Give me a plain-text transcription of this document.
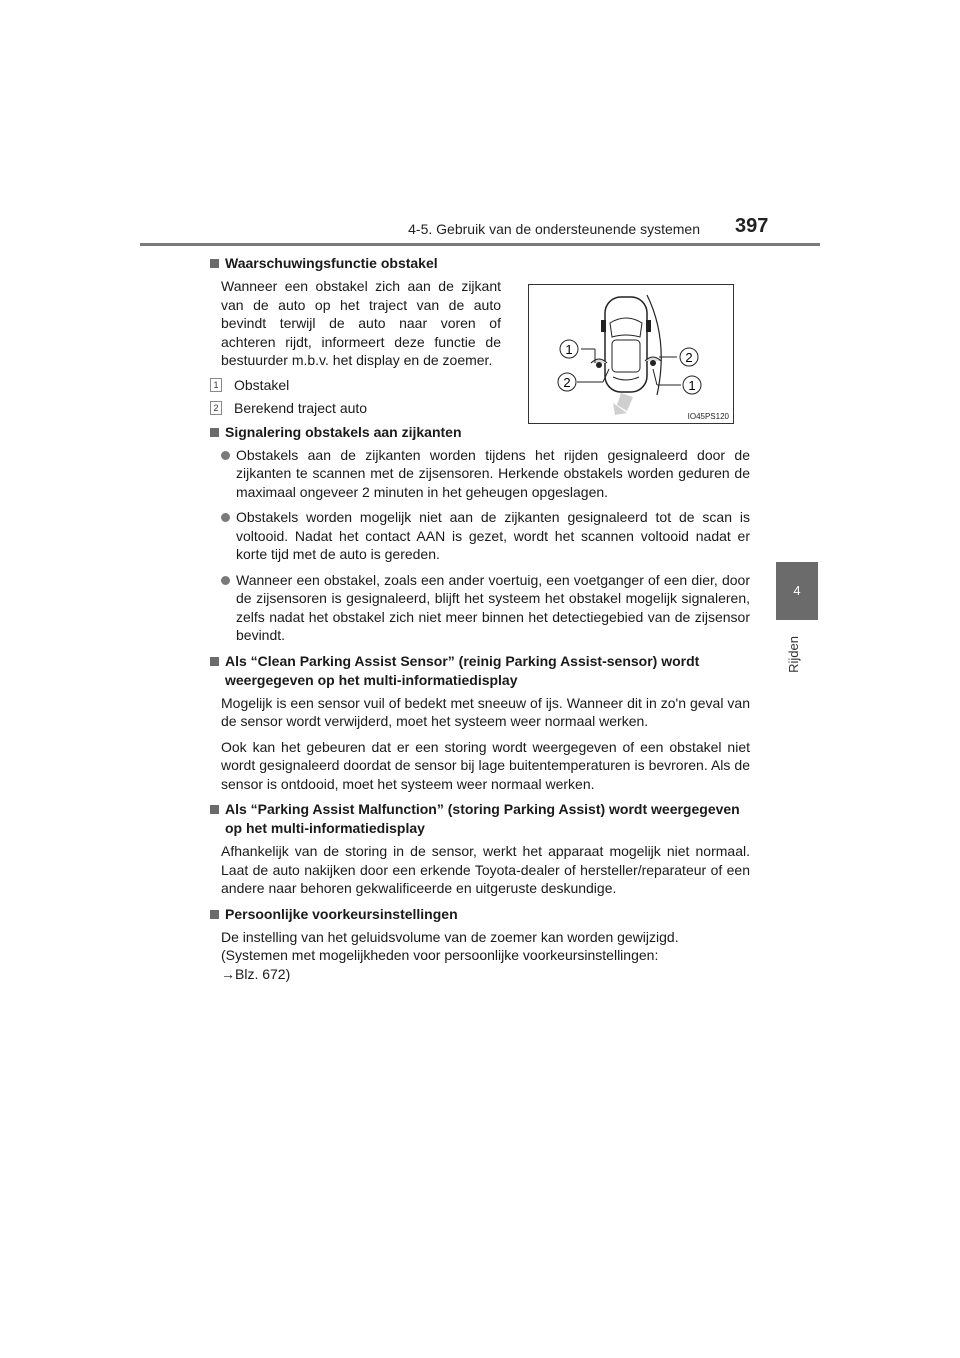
4-5. Gebruik van de ondersteunende systemen 397
4
Rijden
1
2
2
1
IO45PS120
Waarschuwingsfunctie obstakel
Wanneer een obstakel zich aan de zijkant van de auto op het traject van de auto bevindt terwijl de auto naar voren of achteren rijdt, informeert deze functie de bestuurder m.b.v. het display en de zoemer.
1 Obstakel
2 Berekend traject auto
Signalering obstakels aan zijkanten
Obstakels aan de zijkanten worden tijdens het rijden gesignaleerd door de zijkanten te scannen met de zijsensoren. Herkende obstakels worden geduren de maximaal ongeveer 2 minuten in het geheugen opgeslagen.
Obstakels worden mogelijk niet aan de zijkanten gesignaleerd tot de scan is voltooid. Nadat het contact AAN is gezet, wordt het scannen voltooid nadat er korte tijd met de auto is gereden.
Wanneer een obstakel, zoals een ander voertuig, een voetganger of een dier, door de zijsensoren is gesignaleerd, blijft het systeem het obstakel mogelijk signaleren, zelfs nadat het obstakel zich niet meer binnen het detectiegebied van de zijsensor bevindt.
Als “Clean Parking Assist Sensor” (reinig Parking Assist-sensor) wordt weergegeven op het multi-informatiedisplay
Mogelijk is een sensor vuil of bedekt met sneeuw of ijs. Wanneer dit in zo'n geval van de sensor wordt verwijderd, moet het systeem weer normaal werken.
Ook kan het gebeuren dat er een storing wordt weergegeven of een obstakel niet wordt gesignaleerd doordat de sensor bij lage buitentemperaturen is bevroren. Als de sensor is ontdooid, moet het systeem weer normaal werken.
Als “Parking Assist Malfunction” (storing Parking Assist) wordt weergegeven op het multi-informatiedisplay
Afhankelijk van de storing in de sensor, werkt het apparaat mogelijk niet normaal. Laat de auto nakijken door een erkende Toyota-dealer of hersteller/reparateur of een andere naar behoren gekwalificeerde en uitgeruste deskundige.
Persoonlijke voorkeursinstellingen
De instelling van het geluidsvolume van de zoemer kan worden gewijzigd.
(Systemen met mogelijkheden voor persoonlijke voorkeursinstellingen:
→Blz. 672)
